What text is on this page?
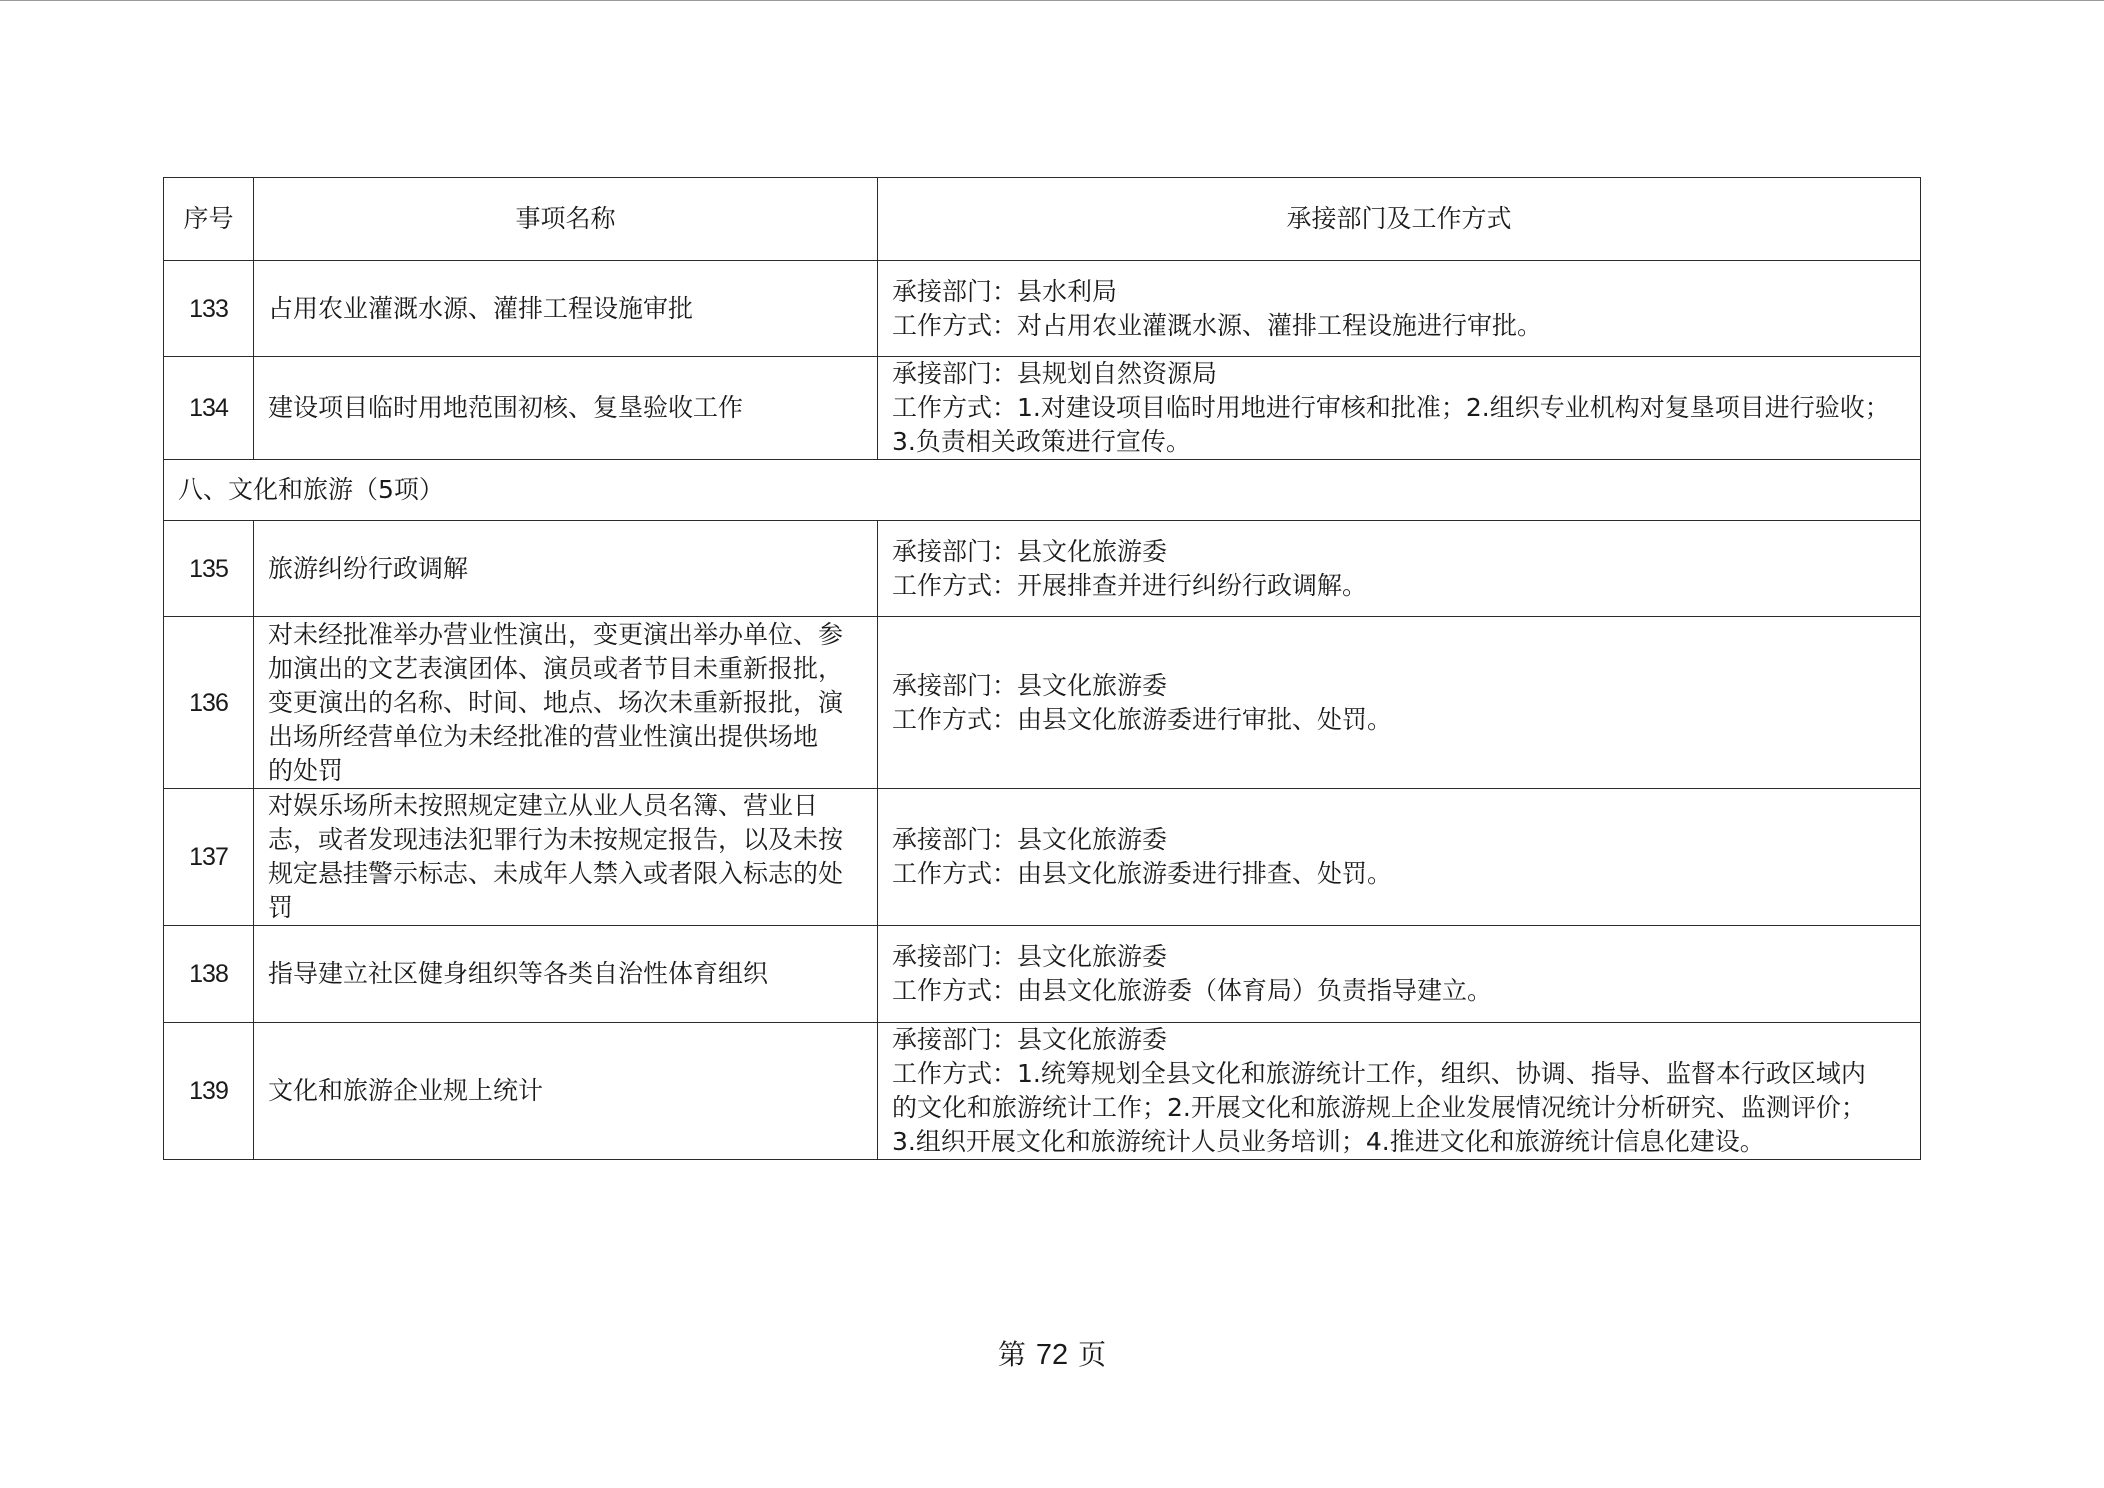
序号	事项名称	承接部门及工作方式
133	占用农业灌溉水源、灌排工程设施审批	承接部门：县水利局
工作方式：对占用农业灌溉水源、灌排工程设施进行审批。

134	建设项目临时用地范围初核、复垦验收工作	承接部门：县规划自然资源局
工作方式：1.对建设项目临时用地进行审核和批准；2.组织专业机构对复垦项目进行验收；
3.负责相关政策进行宣传。

八、文化和旅游（5项）		
135	旅游纠纷行政调解	承接部门：县文化旅游委
工作方式：开展排查并进行纠纷行政调解。

136	对未经批准举办营业性演出，变更演出举办单位、参
加演出的文艺表演团体、演员或者节目未重新报批，
变更演出的名称、时间、地点、场次未重新报批，演
出场所经营单位为未经批准的营业性演出提供场地
的处罚	承接部门：县文化旅游委
工作方式：由县文化旅游委进行审批、处罚。

137	对娱乐场所未按照规定建立从业人员名簿、营业日
志，或者发现违法犯罪行为未按规定报告，以及未按
规定悬挂警示标志、未成年人禁入或者限入标志的处
罚	承接部门：县文化旅游委
工作方式：由县文化旅游委进行排查、处罚。

138	指导建立社区健身组织等各类自治性体育组织	承接部门：县文化旅游委
工作方式：由县文化旅游委（体育局）负责指导建立。

139	文化和旅游企业规上统计	承接部门：县文化旅游委
工作方式：1.统筹规划全县文化和旅游统计工作，组织、协调、指导、监督本行政区域内
的文化和旅游统计工作；2.开展文化和旅游规上企业发展情况统计分析研究、监测评价；
3.组织开展文化和旅游统计人员业务培训；4.推进文化和旅游统计信息化建设。
第 72 页
